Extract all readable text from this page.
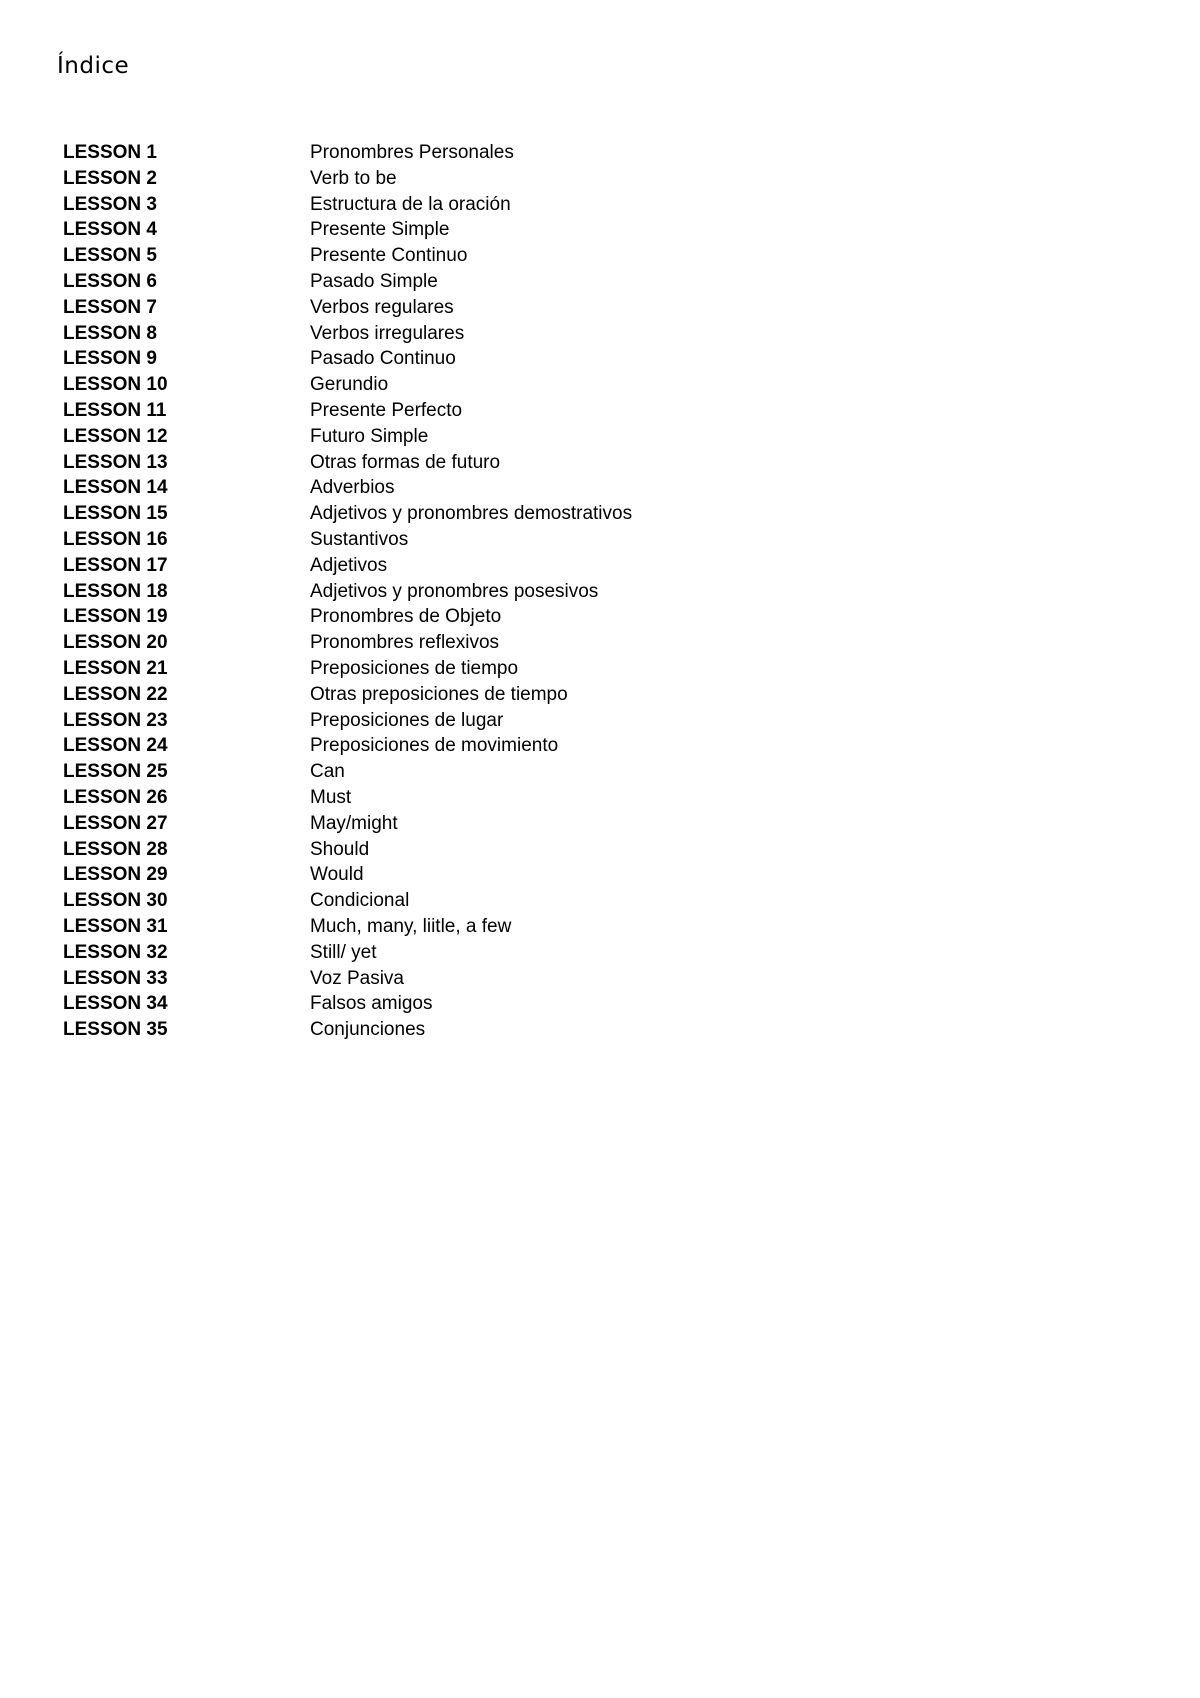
Índice
LESSON 1	Pronombres Personales
LESSON 2	Verb to be
LESSON 3	Estructura de la oración
LESSON 4	Presente Simple
LESSON 5	Presente Continuo
LESSON 6	Pasado Simple
LESSON 7	Verbos regulares
LESSON 8	Verbos irregulares
LESSON 9	Pasado Continuo
LESSON 10	Gerundio
LESSON 11	Presente Perfecto
LESSON 12	Futuro Simple
LESSON 13	Otras formas de futuro
LESSON 14	Adverbios
LESSON 15	Adjetivos y pronombres demostrativos
LESSON 16	Sustantivos
LESSON 17	Adjetivos
LESSON 18	Adjetivos y pronombres posesivos
LESSON 19	Pronombres de Objeto
LESSON 20	Pronombres reflexivos
LESSON 21	Preposiciones de tiempo
LESSON 22	Otras preposiciones de tiempo
LESSON 23	Preposiciones de lugar
LESSON 24	Preposiciones de movimiento
LESSON 25	Can
LESSON 26	Must
LESSON 27	May/might
LESSON 28	Should
LESSON 29	Would
LESSON 30	Condicional
LESSON 31	Much, many, liitle, a few
LESSON 32	Still/ yet
LESSON 33	Voz Pasiva
LESSON 34	Falsos amigos
LESSON 35	Conjunciones
